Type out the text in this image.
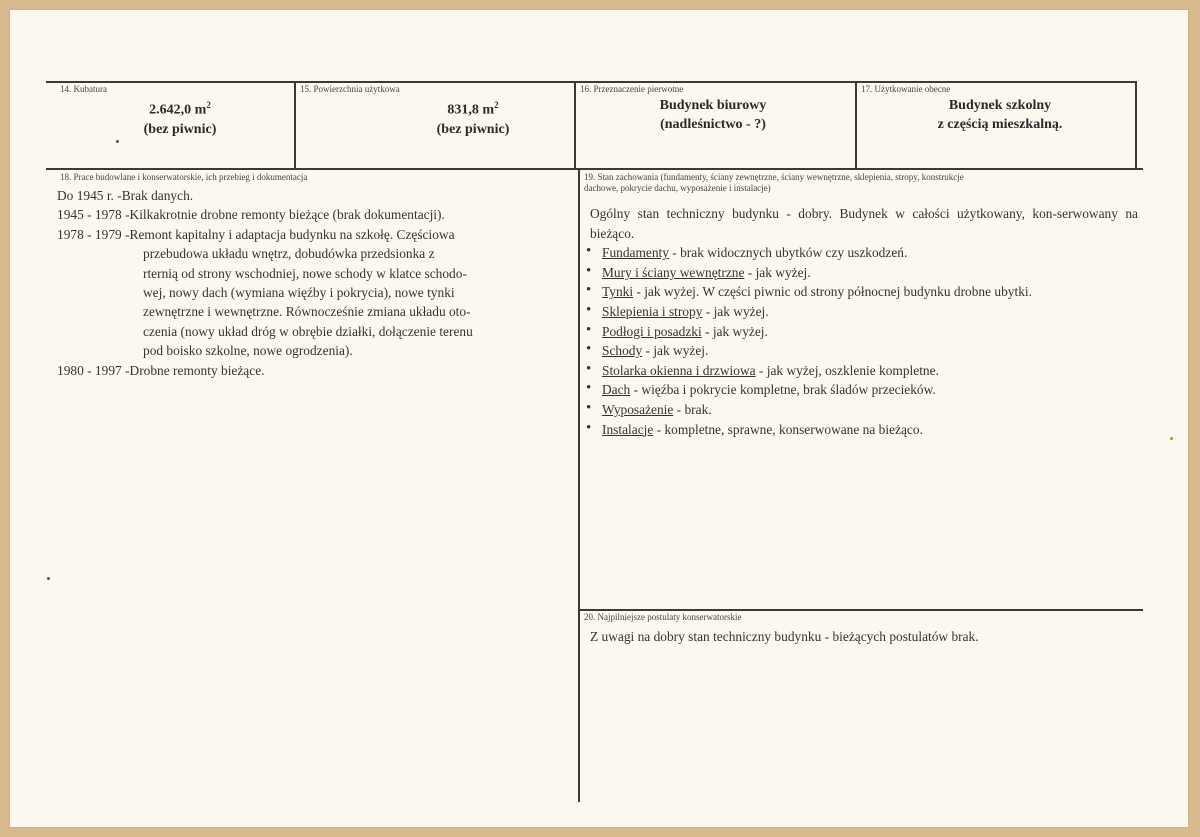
14. Kubatura
2.642,0 $m^2$
(bez piwnic)
15. Powierzchnia użytkowa
831,8 $m^2$
(bez piwnic)
16. Przeznaczenie pierwotne
Budynek biurowy
(nadleśnictwo - ?)
17. Użytkowanie obecne
Budynek szkolny
z częścią mieszkalną.
18. Prace budowlane i konserwatorskie, ich przebieg i dokumentacja
Do 1945 r. - Brak danych.
1945 - 1978 - Kilkakrotnie drobne remonty bieżące (brak dokumentacji).
1978 - 1979 - Remont kapitalny i adaptacja budynku na szkołę. Częściowa
przebudowa układu wnętrz, dobudówka przedsionka z
rternią od strony wschodniej, nowe schody w klatce schodo-
wej, nowy dach (wymiana więźby i pokrycia), nowe tynki
zewnętrzne i wewnętrzne. Równocześnie zmiana układu oto-
czenia (nowy układ dróg w obrębie działki, dołączenie terenu
pod boisko szkolne, nowe ogrodzenia).
1980 - 1997 - Drobne remonty bieżące.
19. Stan zachowania (fundamenty, ściany zewnętrzne, ściany wewnętrzne, sklepienia, stropy, konstrukcje
dachowe, pokrycie dachu, wyposażenie i instalacje)
Ogólny stan techniczny budynku - dobry. Budynek w całości użytkowany, kon-serwowany na bieżąco.
• Fundamenty - brak widocznych ubytków czy uszkodzeń.
• Mury i ściany wewnętrzne - jak wyżej.
• Tynki - jak wyżej. W części piwnic od strony północnej budynku drobne ubytki.
• Sklepienia i stropy - jak wyżej.
• Podłogi i posadzki - jak wyżej.
• Schody - jak wyżej.
• Stolarka okienna i drzwiowa - jak wyżej, oszklenie kompletne.
• Dach - więźba i pokrycie kompletne, brak śladów przecieków.
• Wyposażenie - brak.
• Instalacje - kompletne, sprawne, konserwowane na bieżąco.
20. Najpilniejsze postulaty konserwatorskie
Z uwagi na dobry stan techniczny budynku - bieżących postulatów brak.
